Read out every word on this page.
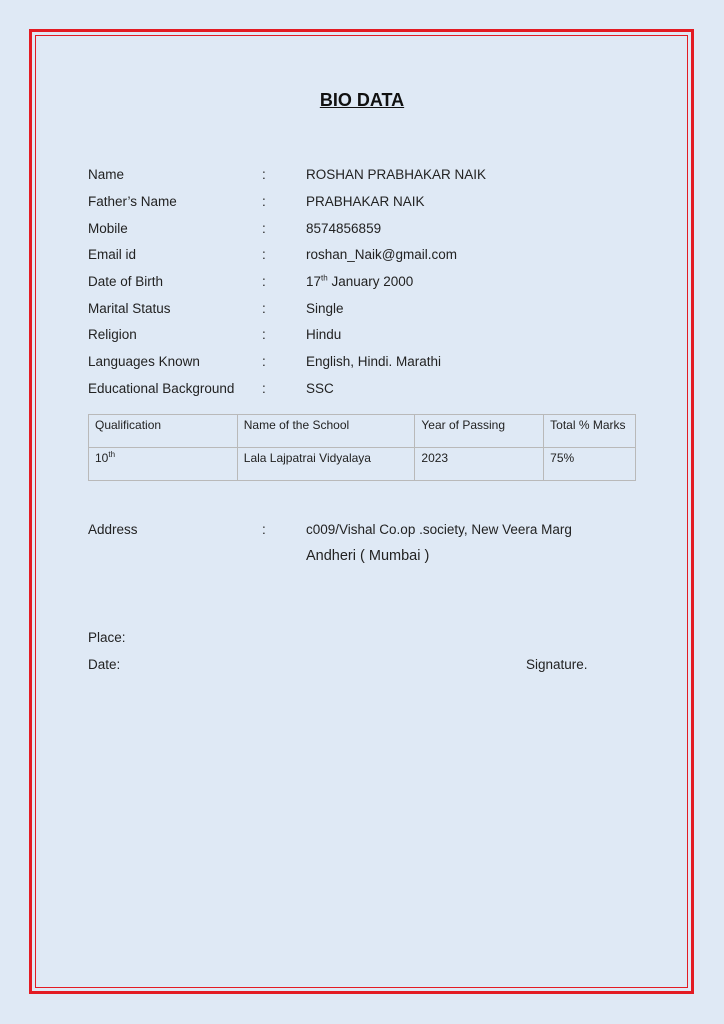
BIO DATA
Name	:	ROSHAN PRABHAKAR NAIK
Father’s Name	:	PRABHAKAR NAIK
Mobile	:	8574856859
Email id	:	roshan_Naik@gmail.com
Date of Birth	:	17th January 2000
Marital Status	:	Single
Religion	:	Hindu
Languages Known	:	English, Hindi. Marathi
Educational Background :	SSC
Qualification	Name of the School	Year of Passing	Total % Marks
10th	Lala Lajpatrai Vidyalaya	2023	75%
Address	:	c009/Vishal Co.op .society, New Veera Marg
Andheri ( Mumbai )
Place:
Date:	Signature.
